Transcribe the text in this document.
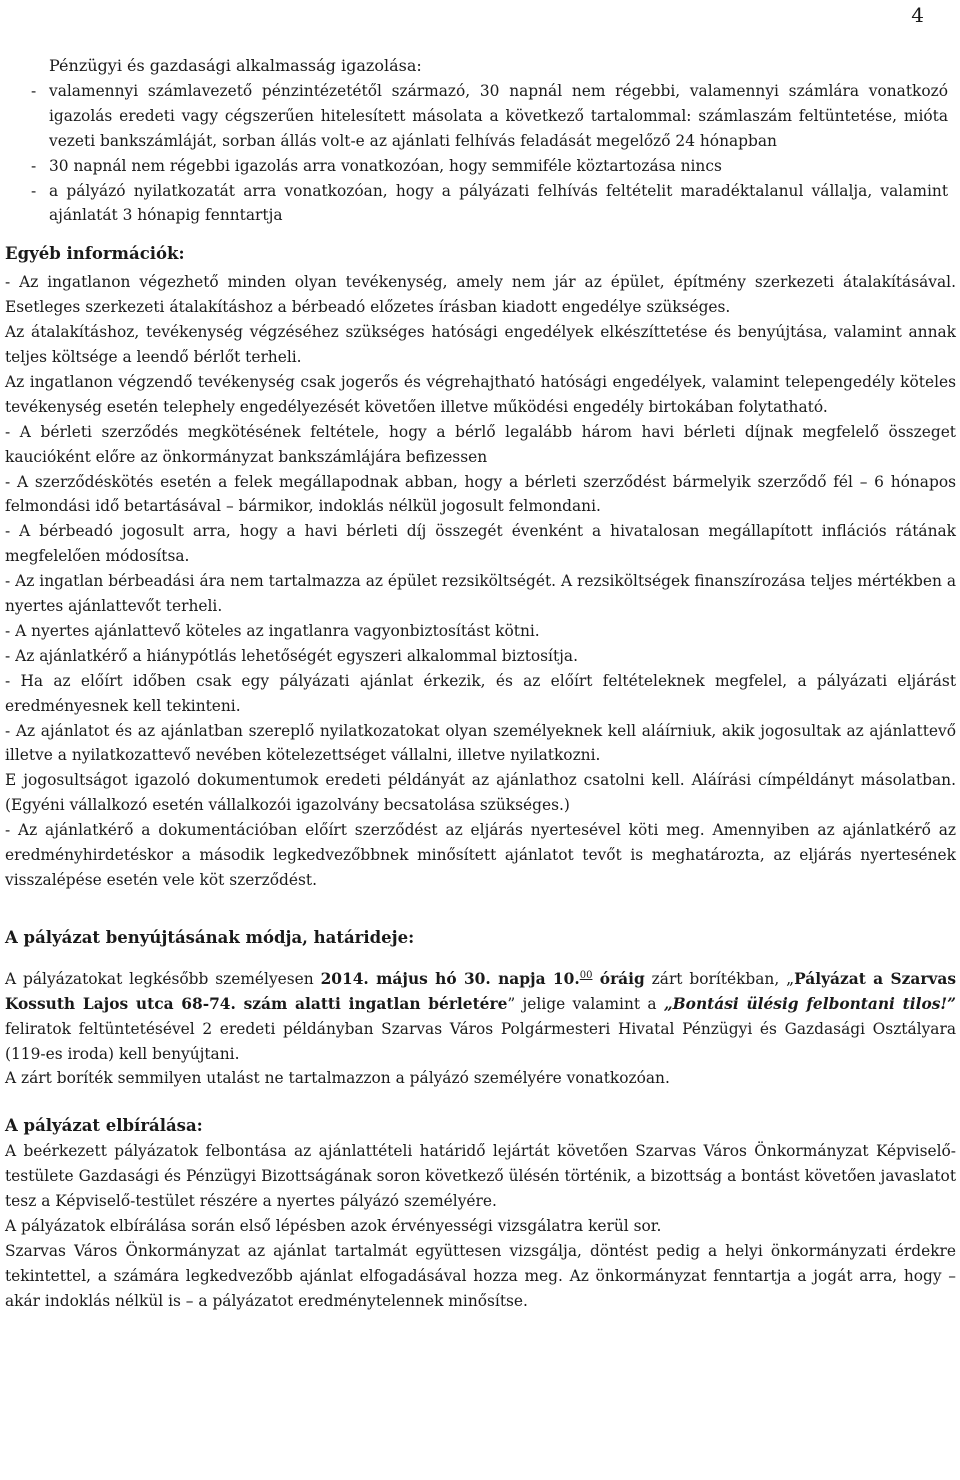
4
Pénzügyi és gazdasági alkalmasság igazolása:
- valamennyi számlavezető pénzintézetétől származó, 30 napnál nem régebbi, valamennyi számlára vonatkozó igazolás eredeti vagy cégszerűen hitelesített másolata a következő tartalommal: számlaszám feltüntetése, mióta vezeti bankszámláját, sorban állás volt-e az ajánlati felhívás feladását megelőző 24 hónapban
- 30 napnál nem régebbi igazolás arra vonatkozóan, hogy semmiféle köztartozása nincs
- a pályázó nyilatkozatát arra vonatkozóan, hogy a pályázati felhívás feltételit maradéktalanul vállalja, valamint ajánlatát 3 hónapig fenntartja
Egyéb információk:
- Az ingatlanon végezhető minden olyan tevékenység, amely nem jár az épület, építmény szerkezeti átalakításával. Esetleges szerkezeti átalakításhoz a bérbeadó előzetes írásban kiadott engedélye szükséges.
Az átalakításhoz, tevékenység végzéséhez szükséges hatósági engedélyek elkészíttetése és benyújtása, valamint annak teljes költsége a leendő bérlőt terheli.
Az ingatlanon végzendő tevékenység csak jogerős és végrehajtható hatósági engedélyek, valamint telepengedély köteles tevékenység esetén telephely engedélyezését követően illetve működési engedély birtokában folytatható.
- A bérleti szerződés megkötésének feltétele, hogy a bérlő legalább három havi bérleti díjnak megfelelő összeget kaucióként előre az önkormányzat bankszámlájára befizessen
- A szerződéskötés esetén a felek megállapodnak abban, hogy a bérleti szerződést bármelyik szerződő fél – 6 hónapos felmondási idő betartásával – bármikor, indoklás nélkül jogosult felmondani.
- A bérbeadó jogosult arra, hogy a havi bérleti díj összegét évenként a hivatalosan megállapított inflációs rátának megfelelően módosítsa.
- Az ingatlan bérbeadási ára nem tartalmazza az épület rezsiköltségét. A rezsiköltségek finanszírozása teljes mértékben a nyertes ajánlattevőt terheli.
- A nyertes ajánlattevő köteles az ingatlanra vagyonbiztosítást kötni.
- Az ajánlatkérő a hiánypótlás lehetőségét egyszeri alkalommal biztosítja.
- Ha az előírt időben csak egy pályázati ajánlat érkezik, és az előírt feltételeknek megfelel, a pályázati eljárást eredményesnek kell tekinteni.
- Az ajánlatot és az ajánlatban szereplő nyilatkozatokat olyan személyeknek kell aláírniuk, akik jogosultak az ajánlattevő illetve a nyilatkozattevő nevében kötelezettséget vállalni, illetve nyilatkozni.
E jogosultságot igazoló dokumentumok eredeti példányát az ajánlathoz csatolni kell. Aláírási címpéldányt másolatban. (Egyéni vállalkozó esetén vállalkozói igazolvány becsatolása szükséges.)
- Az ajánlatkérő a dokumentációban előírt szerződést az eljárás nyertesével köti meg. Amennyiben az ajánlatkérő az eredményhirdetéskor a második legkedvezőbbnek minősített ajánlatot tevőt is meghatározta, az eljárás nyertesének visszalépése esetén vele köt szerződést.
A pályázat benyújtásának módja, határideje:
A pályázatokat legkésőbb személyesen 2014. május hó 30. napja 10.00 óráig zárt borítékban, „Pályázat a Szarvas Kossuth Lajos utca 68-74. szám alatti ingatlan bérletére” jelige valamint a „Bontási ülésig felbontani tilos!” feliratok feltüntetésével 2 eredeti példányban Szarvas Város Polgármesteri Hivatal Pénzügyi és Gazdasági Osztályara (119-es iroda) kell benyújtani.
A zárt boríték semmilyen utalást ne tartalmazzon a pályázó személyére vonatkozóan.
A pályázat elbírálása:
A beérkezett pályázatok felbontása az ajánlattételi határidő lejártát követően Szarvas Város Önkormányzat Képviselő-testülete Gazdasági és Pénzügyi Bizottságának soron következő ülésén történik, a bizottság a bontást követően javaslatot tesz a Képviselő-testület részére a nyertes pályázó személyére.
A pályázatok elbírálása során első lépésben azok érvényességi vizsgálatra kerül sor.
Szarvas Város Önkormányzat az ajánlat tartalmát együttesen vizsgálja, döntést pedig a helyi önkormányzati érdekre tekintettel, a számára legkedvezőbb ajánlat elfogadásával hozza meg. Az önkormányzat fenntartja a jogát arra, hogy – akár indoklás nélkül is – a pályázatot eredménytelennek minősítse.
